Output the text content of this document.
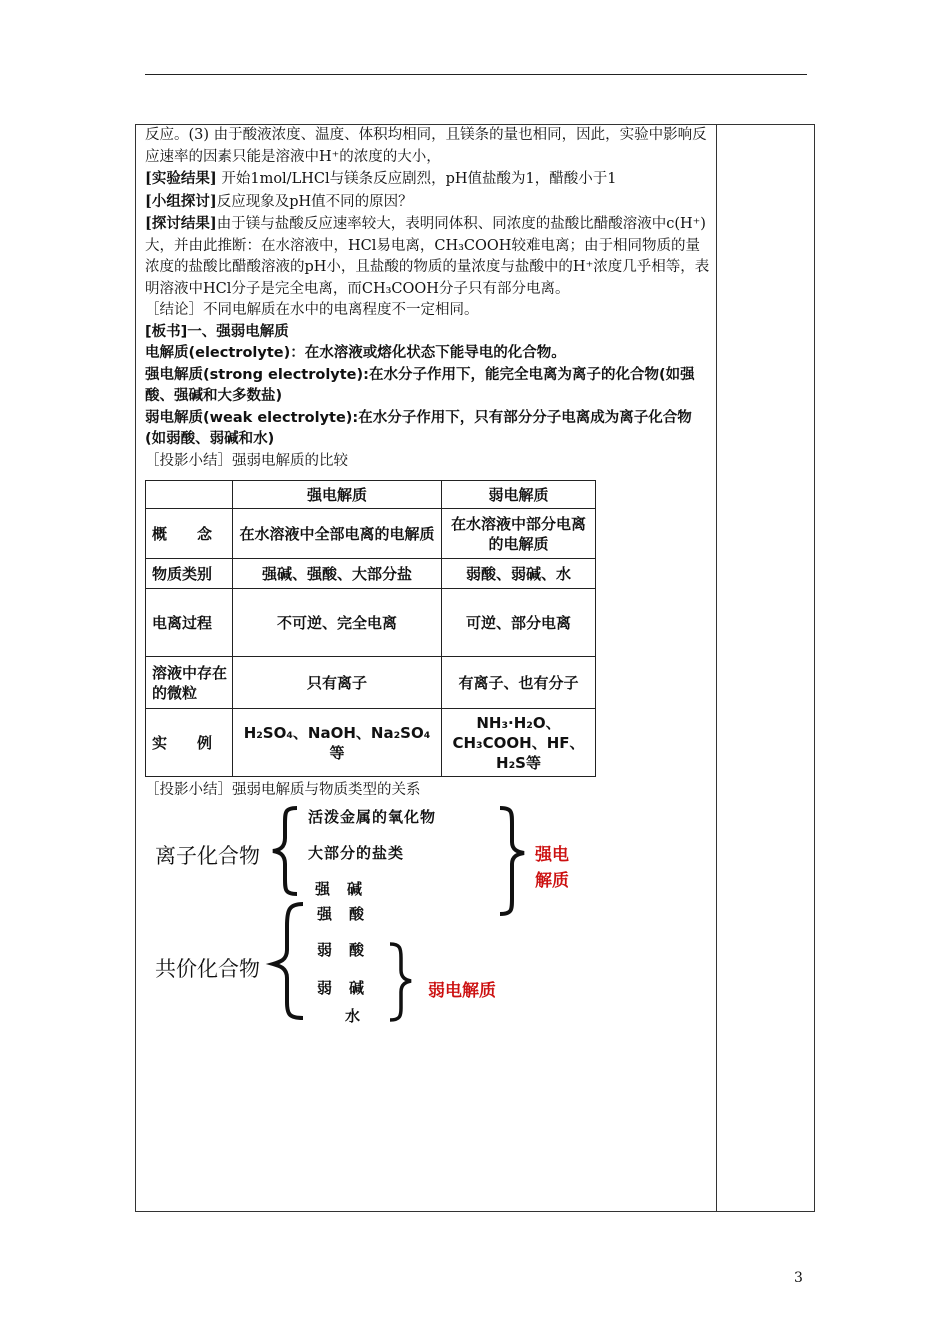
反应。(3) 由于酸液浓度、温度、体积均相同，且镁条的量也相同，因此，实验中影响反应速率的因素只能是溶液中H⁺的浓度的大小，

[实验结果] 开始1mol/LHCl与镁条反应剧烈，pH值盐酸为1，醋酸小于1

[小组探讨]反应现象及pH值不同的原因？

[探讨结果]由于镁与盐酸反应速率较大，表明同体积、同浓度的盐酸比醋酸溶液中c(H⁺)大，并由此推断：在水溶液中，HCl易电离，CH₃COOH较难电离；由于相同物质的量浓度的盐酸比醋酸溶液的pH小，且盐酸的物质的量浓度与盐酸中的H⁺浓度几乎相等，表明溶液中HCl分子是完全电离，而CH₃COOH分子只有部分电离。

［结论］不同电解质在水中的电离程度不一定相同。

[板书]一、强弱电解质

电解质(electrolyte)：在水溶液或熔化状态下能导电的化合物。

强电解质(strong electrolyte):在水分子作用下，能完全电离为离子的化合物(如强酸、强碱和大多数盐)

弱电解质(weak electrolyte):在水分子作用下，只有部分分子电离成为离子化合物(如弱酸、弱碱和水)

［投影小结］强弱电解质的比较

	强电解质	弱电解质
概　　念	在水溶液中全部电离的电解质	在水溶液中部分电离的电解质
物质类别	强碱、强酸、大部分盐	弱酸、弱碱、水
电离过程	不可逆、完全电离	可逆、部分电离
溶液中存在的微粒	只有离子	有离子、也有分子
实　　例	H₂SO₄、NaOH、Na₂SO₄等	NH₃·H₂O、CH₃COOH、HF、H₂S等
［投影小结］强弱电解质与物质类型的关系
离子化合物
共价化合物
活泼金属的氧化物
大部分的盐类
强　碱
强　酸
弱　酸
弱　碱
水
强电
解质
弱电解质
3
